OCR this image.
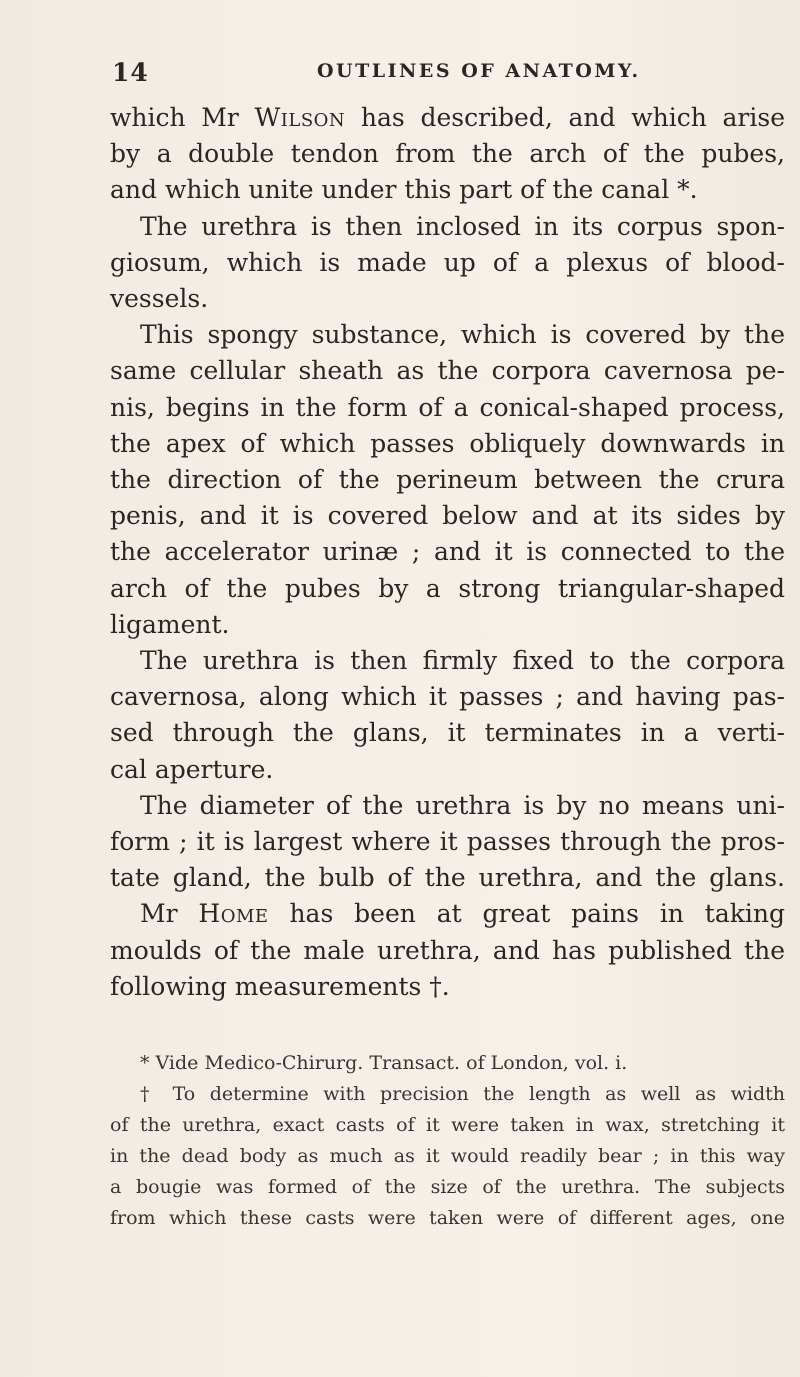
14	OUTLINES OF ANATOMY.
which Mr Wilson has described, and which arise
by a double tendon from the arch of the pubes,
and which unite under this part of the canal *.
The urethra is then inclosed in its corpus spon-
giosum, which is made up of a plexus of blood-
vessels.
This spongy substance, which is covered by the
same cellular sheath as the corpora cavernosa pe-
nis, begins in the form of a conical-shaped process,
the apex of which passes obliquely downwards in
the direction of the perineum between the crura
penis, and it is covered below and at its sides by
the accelerator urinæ ; and it is connected to the
arch of the pubes by a strong triangular-shaped
ligament.
The urethra is then firmly fixed to the corpora
cavernosa, along which it passes ; and having pas-
sed through the glans, it terminates in a verti-
cal aperture.
The diameter of the urethra is by no means uni-
form ; it is largest where it passes through the pros-
tate gland, the bulb of the urethra, and the glans.
Mr Home has been at great pains in taking
moulds of the male urethra, and has published the
following measurements †.
* Vide Medico-Chirurg. Transact. of London, vol. i.
† To determine with precision the length as well as width
of the urethra, exact casts of it were taken in wax, stretching it
in the dead body as much as it would readily bear ; in this way
a bougie was formed of the size of the urethra. The subjects
from which these casts were taken were of different ages, one
